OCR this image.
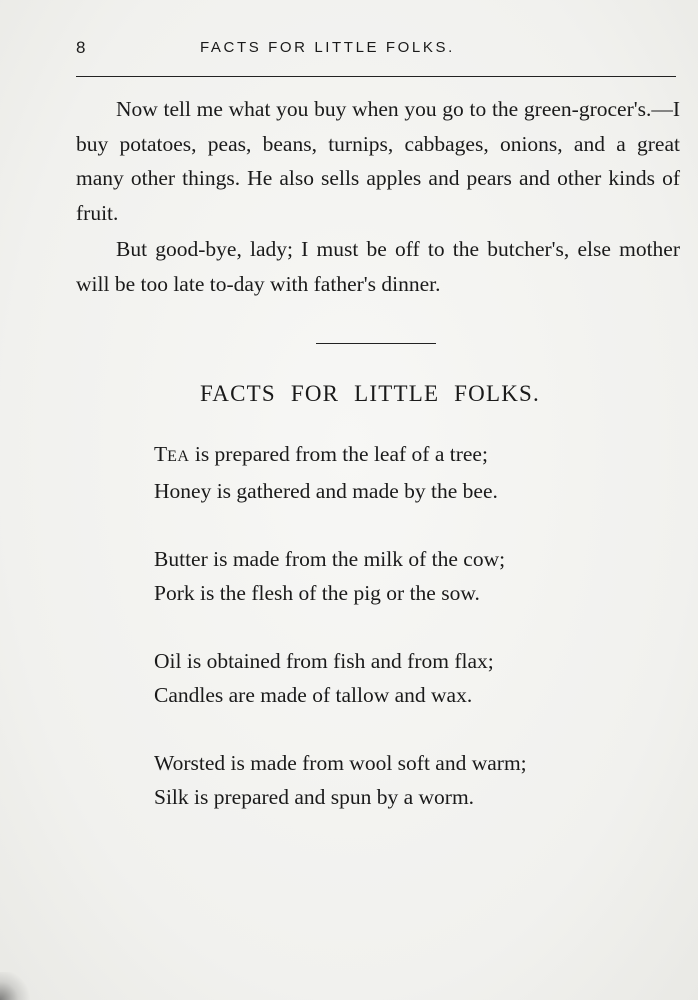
8	FACTS FOR LITTLE FOLKS.

Now tell me what you buy when you go to the green-grocer's.—I buy potatoes, peas, beans, turnips, cabbages, onions, and a great many other things. He also sells apples and pears and other kinds of fruit.

But good-bye, lady; I must be off to the butcher's, else mother will be too late to-day with father's dinner.

FACTS FOR LITTLE FOLKS.
TEA is prepared from the leaf of a tree;
Honey is gathered and made by the bee.
Butter is made from the milk of the cow;
Pork is the flesh of the pig or the sow.
Oil is obtained from fish and from flax;
Candles are made of tallow and wax.
Worsted is made from wool soft and warm;
Silk is prepared and spun by a worm.
